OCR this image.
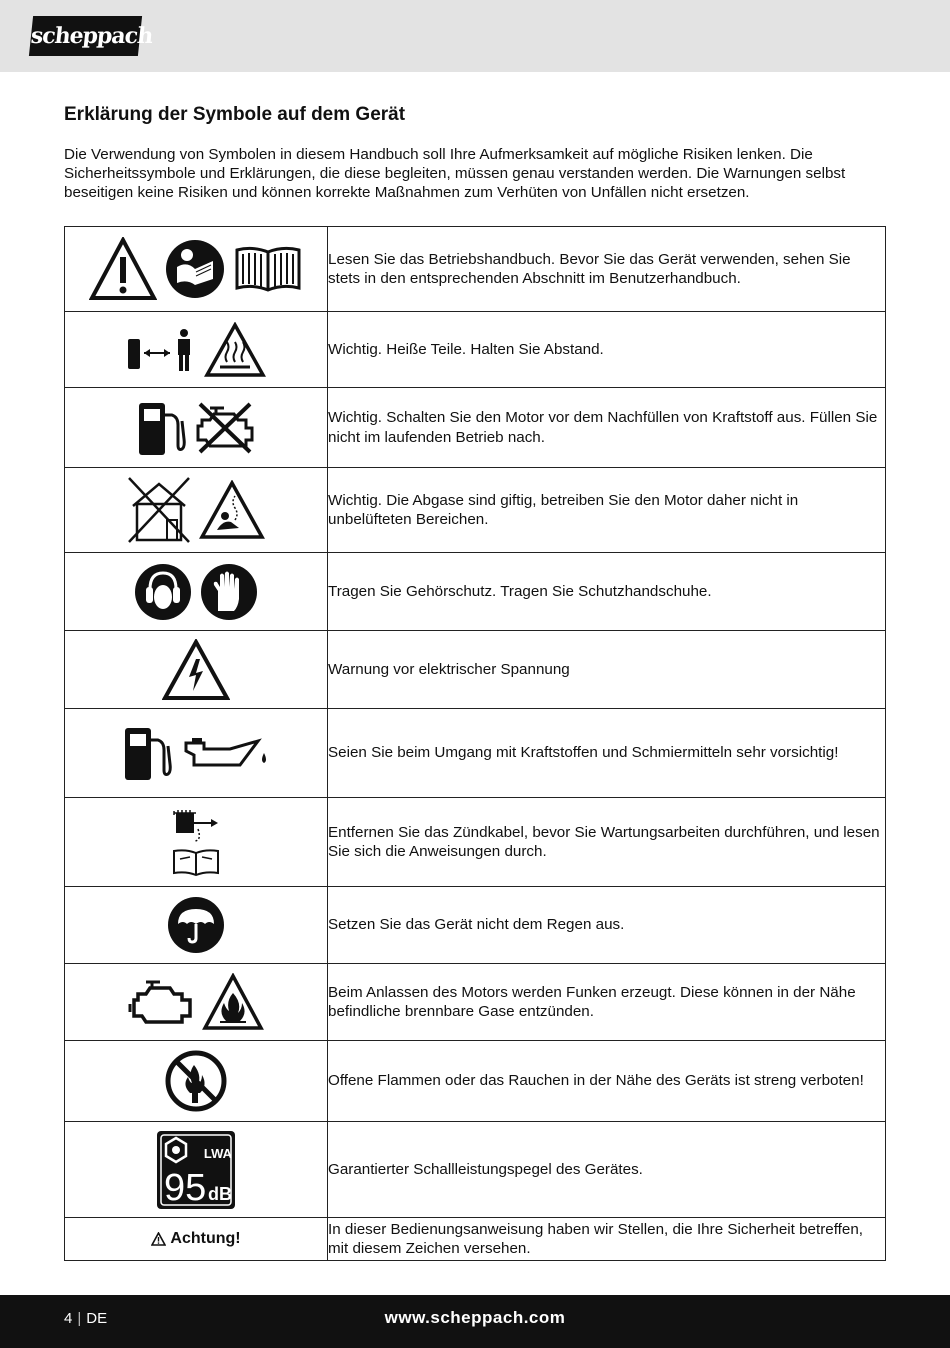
scheppach
Erklärung der Symbole auf dem Gerät

Die Verwendung von Symbolen in diesem Handbuch soll Ihre Aufmerksamkeit auf mögliche Risiken lenken. Die Sicherheitssymbole und Erklärungen, die diese begleiten, müssen genau verstanden werden. Die Warnungen selbst beseitigen keine Risiken und können korrekte Maßnahmen zum Verhüten von Unfällen nicht ersetzen.

	Lesen Sie das Betriebshandbuch. Bevor Sie das Gerät verwenden, sehen Sie stets in den entsprechenden Abschnitt im Benutzerhandbuch.

	Wichtig. Heiße Teile. Halten Sie Abstand.

	Wichtig. Schalten Sie den Motor vor dem Nachfüllen von Kraftstoff aus. Füllen Sie nicht im laufenden Betrieb nach.

	Wichtig. Die Abgase sind giftig, betreiben Sie den Motor daher nicht in unbelüfteten Bereichen.

	Tragen Sie Gehörschutz. Tragen Sie Schutzhandschuhe.

	Warnung vor elektrischer Spannung

	Seien Sie beim Umgang mit Kraftstoffen und Schmiermitteln sehr vorsichtig!

	Entfernen Sie das Zündkabel, bevor Sie Wartungsarbeiten durchführen, und lesen Sie sich die Anweisungen durch.

	Setzen Sie das Gerät nicht dem Regen aus.

	Beim Anlassen des Motors werden Funken erzeugt. Diese können in der Nähe befindliche brennbare Gase entzünden.

	Offene Flammen oder das Rauchen in der Nähe des Geräts ist streng verboten!

LWA
95 dB	Garantierter Schallleistungspegel des Gerätes.

Achtung!	In dieser Bedienungsanweisung haben wir Stellen, die Ihre Sicherheit betreffen, mit diesem Zeichen versehen.
4 | DE	www.scheppach.com
